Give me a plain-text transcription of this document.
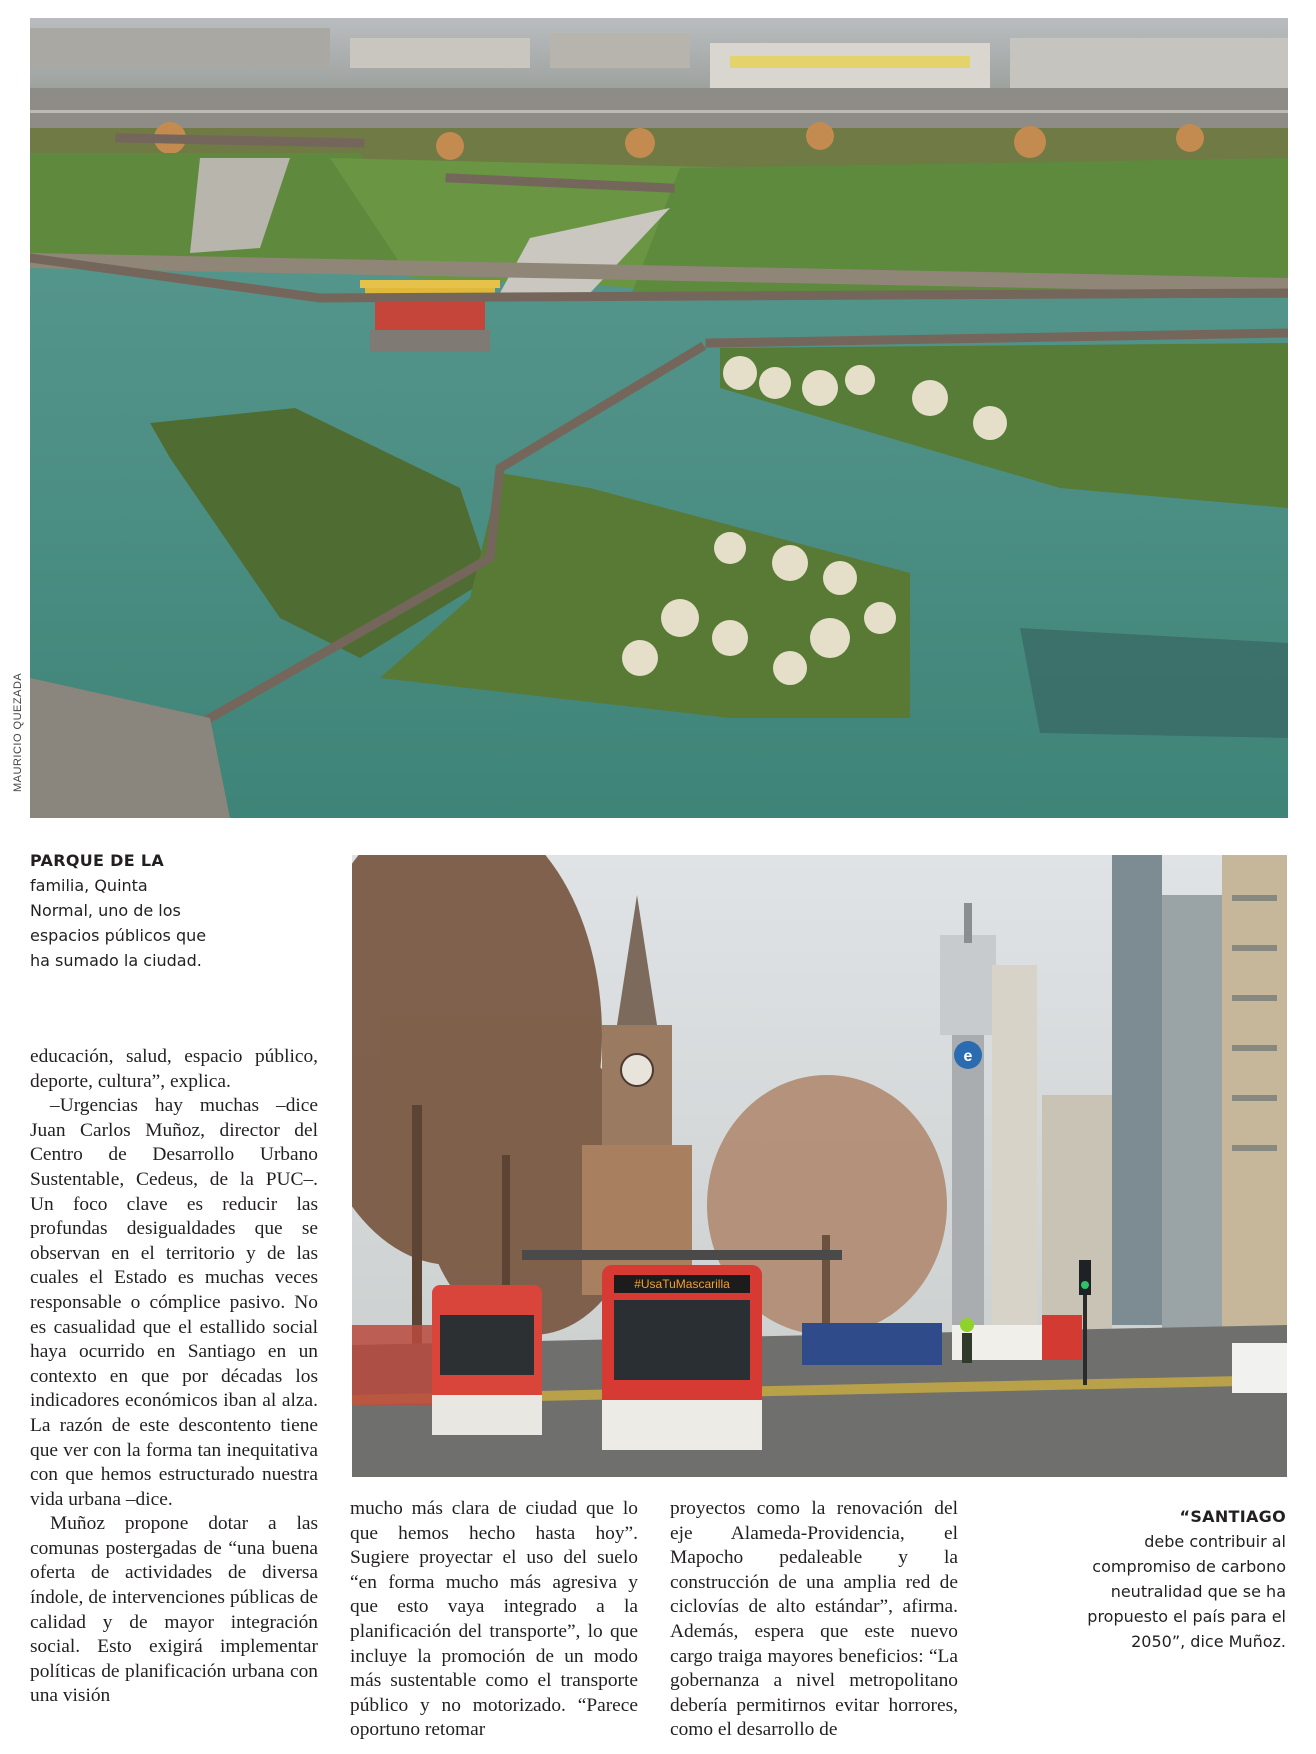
MAURICIO QUEZADA
PARQUE DE LA
familia, Quinta Normal, uno de los espacios públicos que ha sumado la ciudad.
e
#UsaTuMascarilla

educación, salud, espacio público, deporte, cultura”, explica.

–Urgencias hay muchas –dice Juan Carlos Muñoz, director del Centro de Desarrollo Urbano Sustentable, Cedeus, de la PUC–. Un foco clave es reducir las profundas desigualdades que se observan en el territorio y de las cuales el Estado es muchas veces responsable o cómplice pasivo. No es casualidad que el estallido social haya ocurrido en Santiago en un contexto en que por décadas los indicadores económicos iban al alza. La razón de este descontento tiene que ver con la forma tan inequitativa con que hemos estructurado nuestra vida urbana –dice.

Muñoz propone dotar a las comunas postergadas de “una buena oferta de actividades de diversa índole, de intervenciones públicas de calidad y de mayor integración social. Esto exigirá implementar políticas de planificación urbana con una visión

mucho más clara de ciudad que lo que hemos hecho hasta hoy”. Sugiere proyectar el uso del suelo “en forma mucho más agresiva y que esto vaya integrado a la planificación del transporte”, lo que incluye la promoción de un modo más sustentable como el transporte público y no motorizado. “Parece oportuno retomar

proyectos como la renovación del eje Alameda-Providencia, el Mapocho pedaleable y la construcción de una amplia red de ciclovías de alto estándar”, afirma. Además, espera que este nuevo cargo traiga mayores beneficios: “La gobernanza a nivel metropolitano debería permitirnos evitar horrores, como el desarrollo de

“SANTIAGO
debe contribuir al compromiso de carbono neutralidad que se ha propuesto el país para el 2050”, dice Muñoz.
